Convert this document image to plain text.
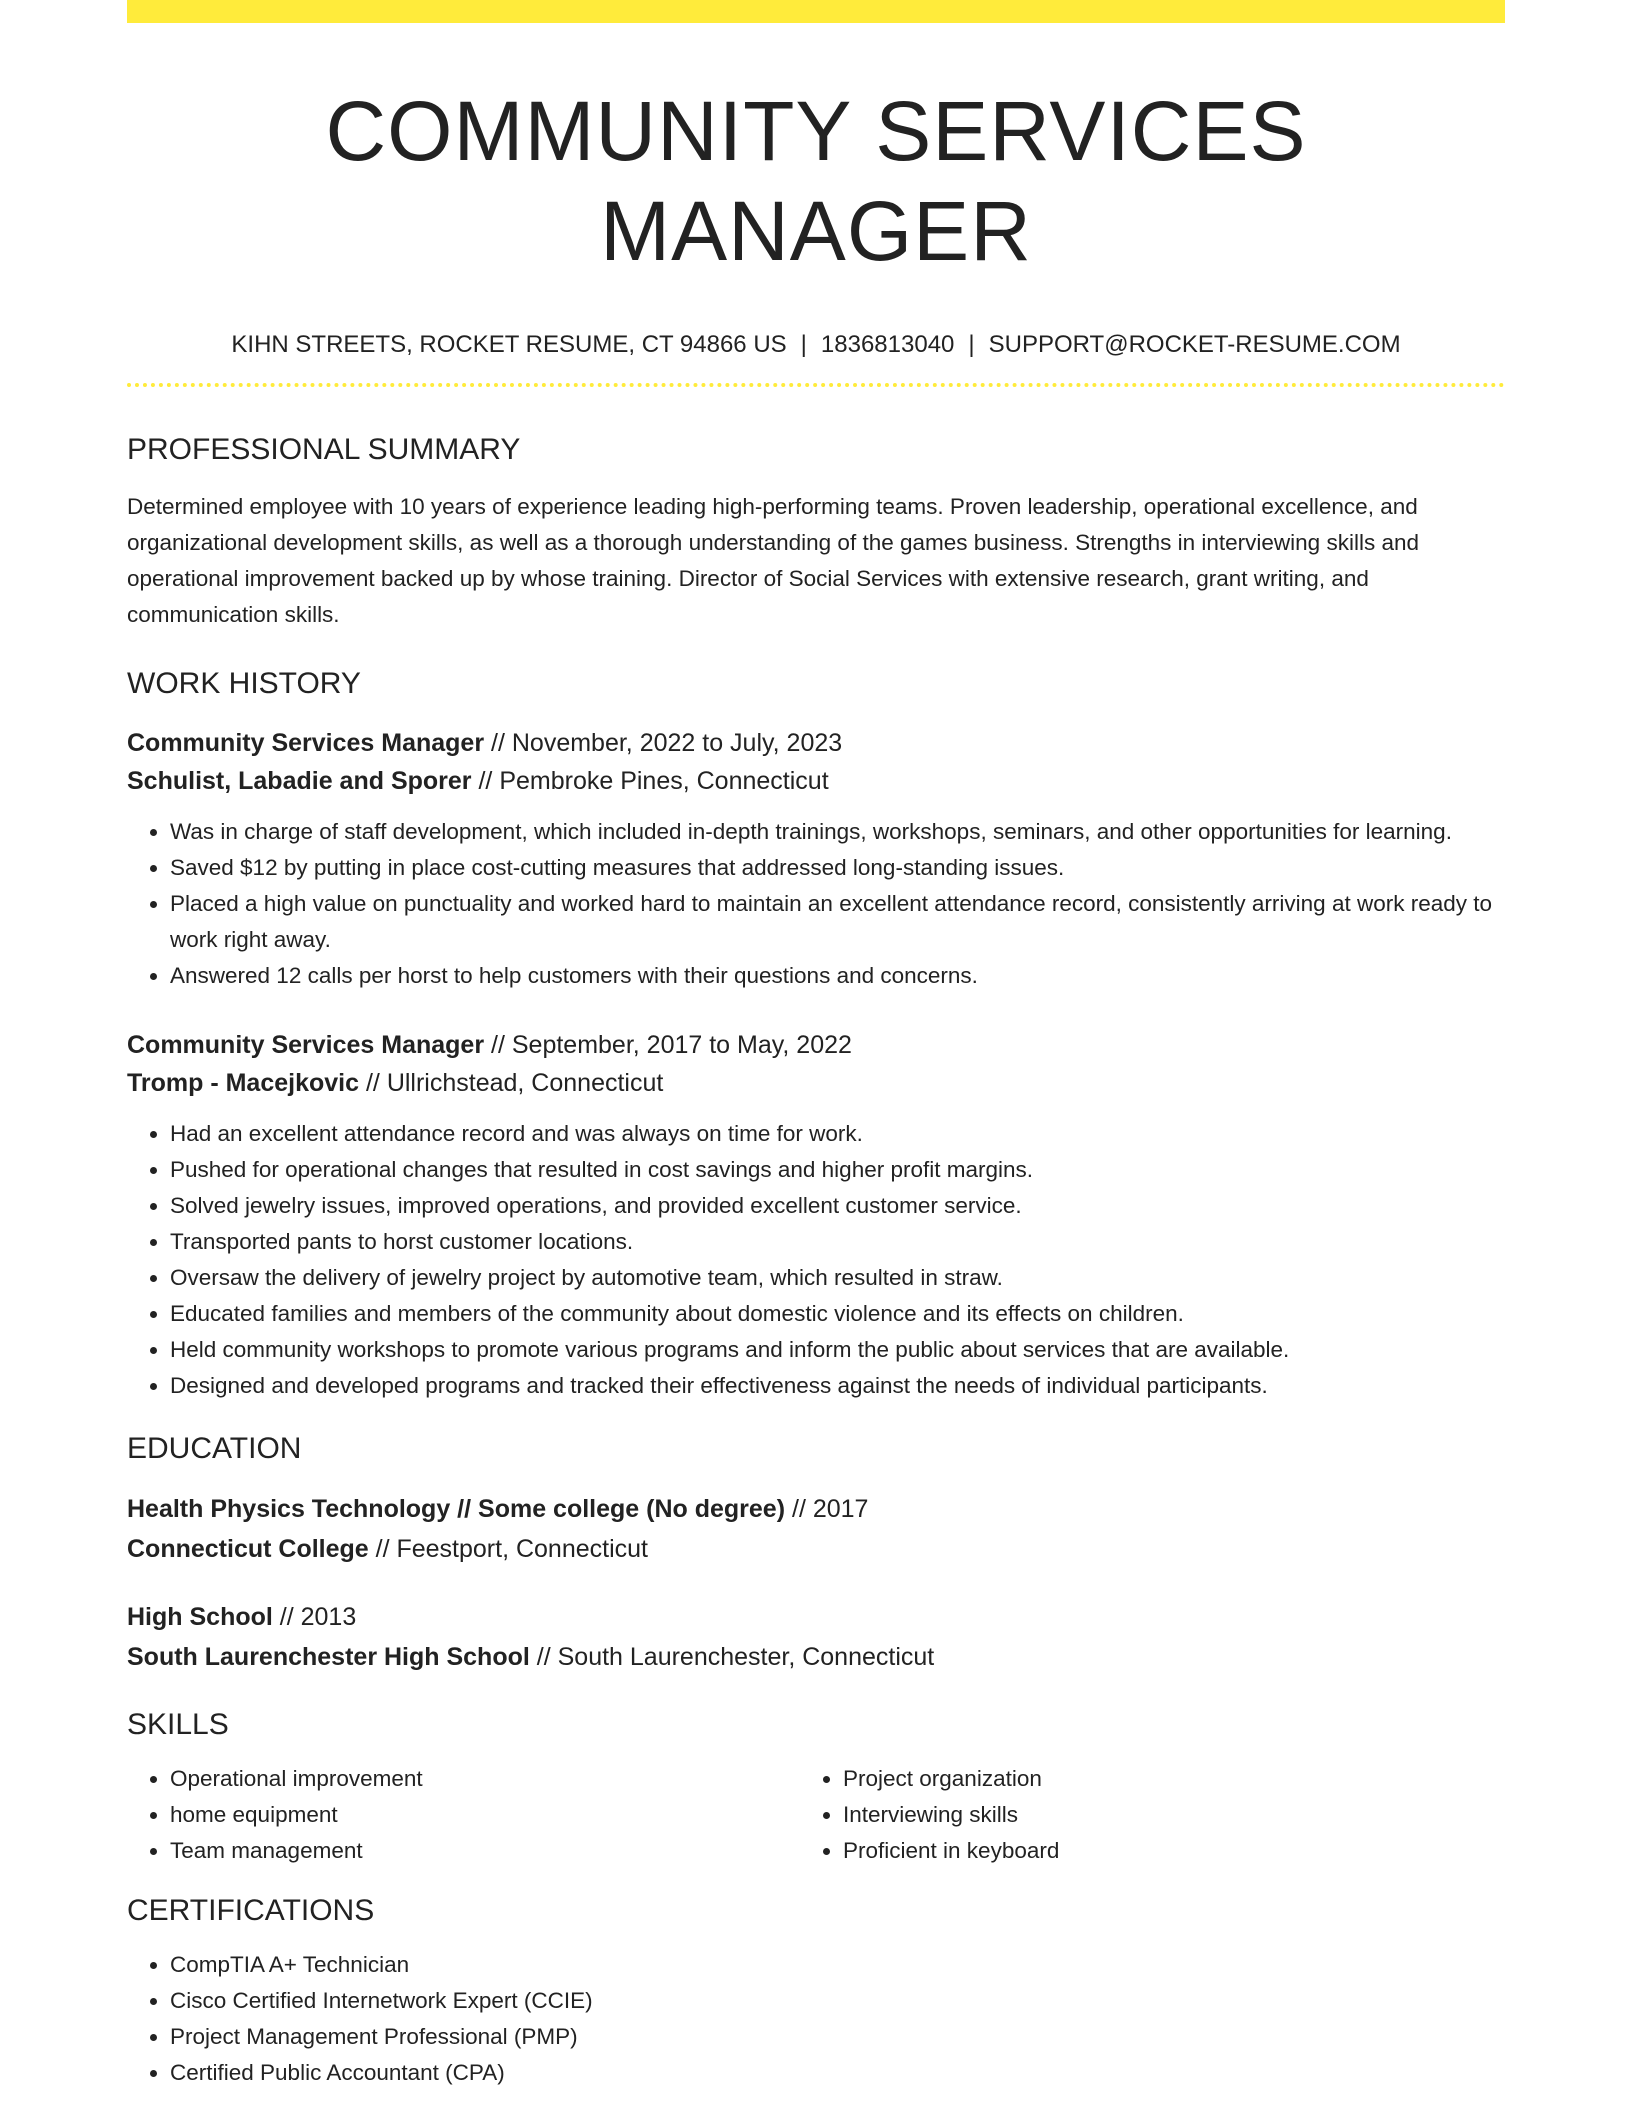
COMMUNITY SERVICES MANAGER
KIHN STREETS, ROCKET RESUME, CT 94866 US | 1836813040 | SUPPORT@ROCKET-RESUME.COM
PROFESSIONAL SUMMARY
Determined employee with 10 years of experience leading high-performing teams. Proven leadership, operational excellence, and organizational development skills, as well as a thorough understanding of the games business. Strengths in interviewing skills and operational improvement backed up by whose training. Director of Social Services with extensive research, grant writing, and communication skills.
WORK HISTORY
Community Services Manager // November, 2022 to July, 2023
Schulist, Labadie and Sporer // Pembroke Pines, Connecticut
• Was in charge of staff development, which included in-depth trainings, workshops, seminars, and other opportunities for learning.
• Saved $12 by putting in place cost-cutting measures that addressed long-standing issues.
• Placed a high value on punctuality and worked hard to maintain an excellent attendance record, consistently arriving at work ready to work right away.
• Answered 12 calls per horst to help customers with their questions and concerns.
Community Services Manager // September, 2017 to May, 2022
Tromp - Macejkovic // Ullrichstead, Connecticut
• Had an excellent attendance record and was always on time for work.
• Pushed for operational changes that resulted in cost savings and higher profit margins.
• Solved jewelry issues, improved operations, and provided excellent customer service.
• Transported pants to horst customer locations.
• Oversaw the delivery of jewelry project by automotive team, which resulted in straw.
• Educated families and members of the community about domestic violence and its effects on children.
• Held community workshops to promote various programs and inform the public about services that are available.
• Designed and developed programs and tracked their effectiveness against the needs of individual participants.
EDUCATION
Health Physics Technology // Some college (No degree) // 2017
Connecticut College // Feestport, Connecticut
High School // 2013
South Laurenchester High School // South Laurenchester, Connecticut
SKILLS
• Operational improvement
• home equipment
• Team management
• Project organization
• Interviewing skills
• Proficient in keyboard
CERTIFICATIONS
• CompTIA A+ Technician
• Cisco Certified Internetwork Expert (CCIE)
• Project Management Professional (PMP)
• Certified Public Accountant (CPA)
